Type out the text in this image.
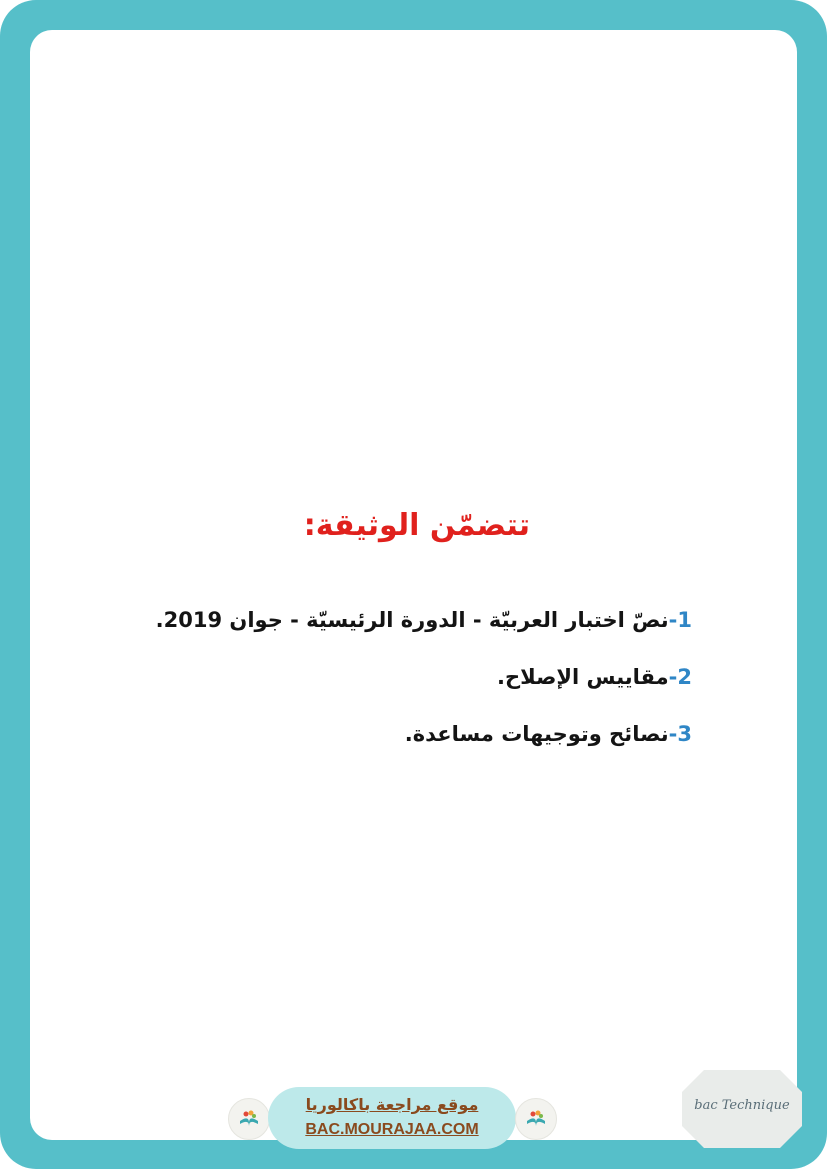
تتضمّن الوثيقة:
1-نصّ اختبار العربيّة - الدورة الرئيسيّة - جوان 2019.
2-مقاييس الإصلاح.
3-نصائح وتوجيهات مساعدة.
موقع مراجعة باكالوريا
BAC.MOURAJAA.COM
bac Technique
